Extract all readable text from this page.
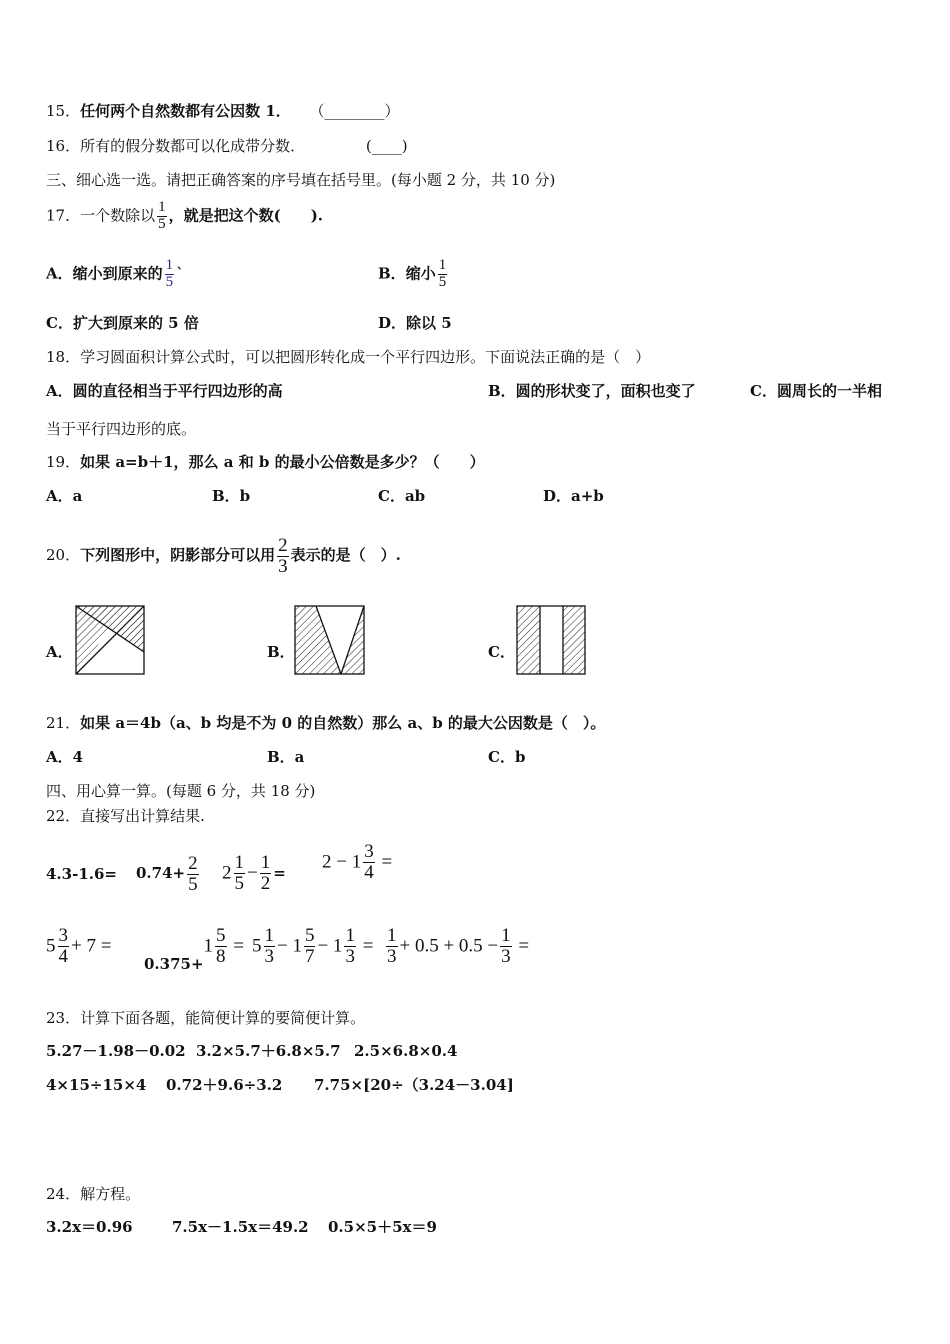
15．任何两个自然数都有公因数 1． （________）
16．所有的假分数都可以化成带分数．	(____)
三、细心选一选。请把正确答案的序号填在括号里。(每小题 2 分，共 10 分)
17．一个数除以 $\frac{1}{5}$ ，就是把这个数(　　).
A．缩小到原来的 $\frac{1}{5}$ `	B．缩小 $\frac{1}{5}$
C．扩大到原来的 5 倍	D．除以 5
18．学习圆面积计算公式时，可以把圆形转化成一个平行四边形。下面说法正确的是（　）
A．圆的直径相当于平行四边形的高	B．圆的形状变了，面积也变了	C．圆周长的一半相
当于平行四边形的底。
19．如果 a=b＋1，那么 a 和 b 的最小公倍数是多少？（　　）
A．a	B．b	C．ab	D．a+b
20．下列图形中，阴影部分可以用 $\frac{2}{3}$ 表示的是（　）.
A．	B．	C．
21．如果 a＝4b（a、b 均是不为 0 的自然数）那么 a、b 的最大公因数是（　）。
A．4	B．a	C．b
四、用心算一算。(每题 6 分，共 18 分)
22．直接写出计算结果.
$4.3-1.6= 0.74+ \frac{2}{5} 2 \frac{1}{5} - \frac{1}{2}$ =
$2 - 1 \frac{3}{4}$ =
$5 \frac{3}{4} + 7$ =
$0.375+1 \frac{5}{8} = 5 \frac{1}{3} - 1 \frac{5}{7} - 1 \frac{1}{3} = \frac{1}{3} + 0.5 + 0.5 - \frac{1}{3}$ =
23．计算下面各题，能简便计算的要简便计算。
5.27－1.98－0.02 3.2×5.7＋6.8×5.7 2.5×6.8×0.4
4×15÷15×4 0.72＋9.6÷3.2 7.75×[20÷（3.24－3.04]
24．解方程。
3.2x＝0.96	7.5x－1.5x＝49.2 0.5×5＋5x＝9
